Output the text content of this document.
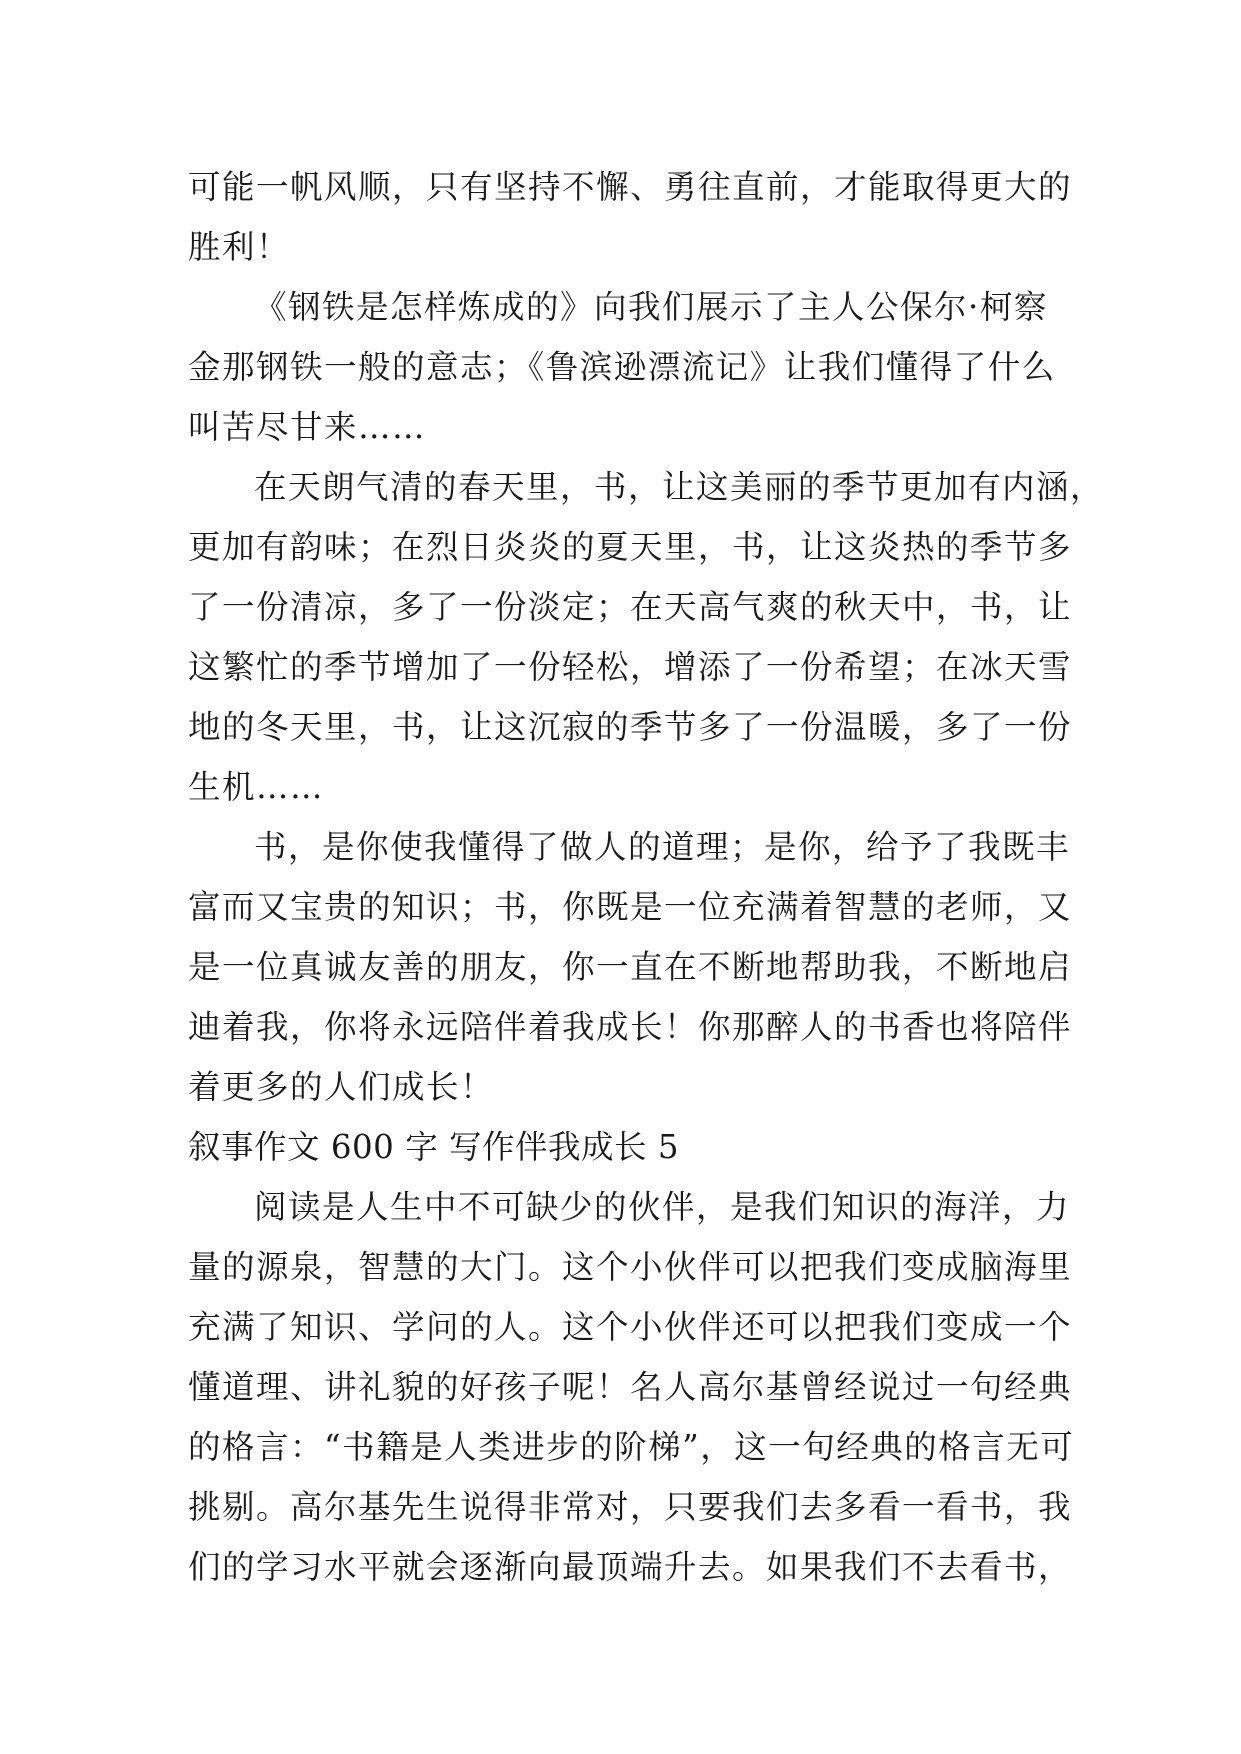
可能一帆风顺，只有坚持不懈、勇往直前，才能取得更大的
胜利！
《钢铁是怎样炼成的》向我们展示了主人公保尔·柯察
金那钢铁一般的意志；《鲁滨逊漂流记》让我们懂得了什么
叫苦尽甘来……
在天朗气清的春天里，书，让这美丽的季节更加有内涵，
更加有韵味；在烈日炎炎的夏天里，书，让这炎热的季节多
了一份清凉，多了一份淡定；在天高气爽的秋天中，书，让
这繁忙的季节增加了一份轻松，增添了一份希望；在冰天雪
地的冬天里，书，让这沉寂的季节多了一份温暖，多了一份
生机……
书，是你使我懂得了做人的道理；是你，给予了我既丰
富而又宝贵的知识；书，你既是一位充满着智慧的老师，又
是一位真诚友善的朋友，你一直在不断地帮助我，不断地启
迪着我，你将永远陪伴着我成长！你那醉人的书香也将陪伴
着更多的人们成长！
叙事作文 600 字 写作伴我成长 5
阅读是人生中不可缺少的伙伴，是我们知识的海洋，力
量的源泉，智慧的大门。这个小伙伴可以把我们变成脑海里
充满了知识、学问的人。这个小伙伴还可以把我们变成一个
懂道理、讲礼貌的好孩子呢！名人高尔基曾经说过一句经典
的格言：“书籍是人类进步的阶梯”，这一句经典的格言无可
挑剔。高尔基先生说得非常对，只要我们去多看一看书，我
们的学习水平就会逐渐向最顶端升去。如果我们不去看书，
